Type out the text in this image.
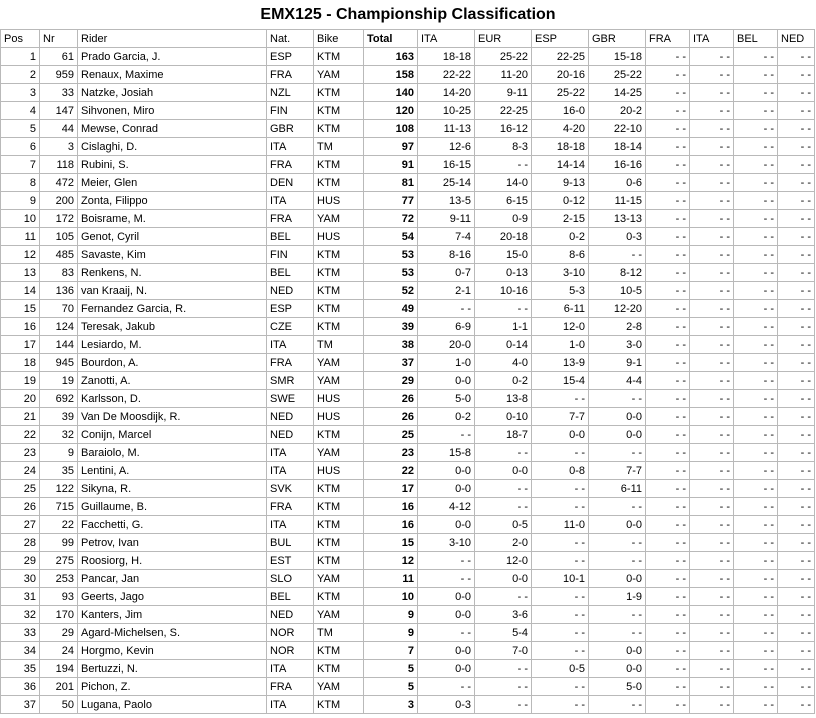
EMX125 - Championship Classification
Pos	Nr	Rider	Nat.	Bike	Total	ITA	EUR	ESP	GBR	FRA	ITA	BEL	NED
1	61	Prado Garcia, J.	ESP	KTM	163	18-18	25-22	22-25	15-18	- -	- -	- -	- -
2	959	Renaux, Maxime	FRA	YAM	158	22-22	11-20	20-16	25-22	- -	- -	- -	- -
3	33	Natzke, Josiah	NZL	KTM	140	14-20	9-11	25-22	14-25	- -	- -	- -	- -
4	147	Sihvonen, Miro	FIN	KTM	120	10-25	22-25	16-0	20-2	- -	- -	- -	- -
5	44	Mewse, Conrad	GBR	KTM	108	11-13	16-12	4-20	22-10	- -	- -	- -	- -
6	3	Cislaghi, D.	ITA	TM	97	12-6	8-3	18-18	18-14	- -	- -	- -	- -
7	118	Rubini, S.	FRA	KTM	91	16-15	- -	14-14	16-16	- -	- -	- -	- -
8	472	Meier, Glen	DEN	KTM	81	25-14	14-0	9-13	0-6	- -	- -	- -	- -
9	200	Zonta, Filippo	ITA	HUS	77	13-5	6-15	0-12	11-15	- -	- -	- -	- -
10	172	Boisrame, M.	FRA	YAM	72	9-11	0-9	2-15	13-13	- -	- -	- -	- -
11	105	Genot, Cyril	BEL	HUS	54	7-4	20-18	0-2	0-3	- -	- -	- -	- -
12	485	Savaste, Kim	FIN	KTM	53	8-16	15-0	8-6	- -	- -	- -	- -	- -
13	83	Renkens, N.	BEL	KTM	53	0-7	0-13	3-10	8-12	- -	- -	- -	- -
14	136	van Kraaij, N.	NED	KTM	52	2-1	10-16	5-3	10-5	- -	- -	- -	- -
15	70	Fernandez Garcia, R.	ESP	KTM	49	- -	- -	6-11	12-20	- -	- -	- -	- -
16	124	Teresak, Jakub	CZE	KTM	39	6-9	1-1	12-0	2-8	- -	- -	- -	- -
17	144	Lesiardo, M.	ITA	TM	38	20-0	0-14	1-0	3-0	- -	- -	- -	- -
18	945	Bourdon, A.	FRA	YAM	37	1-0	4-0	13-9	9-1	- -	- -	- -	- -
19	19	Zanotti, A.	SMR	YAM	29	0-0	0-2	15-4	4-4	- -	- -	- -	- -
20	692	Karlsson, D.	SWE	HUS	26	5-0	13-8	- -	- -	- -	- -	- -	- -
21	39	Van De Moosdijk, R.	NED	HUS	26	0-2	0-10	7-7	0-0	- -	- -	- -	- -
22	32	Conijn, Marcel	NED	KTM	25	- -	18-7	0-0	0-0	- -	- -	- -	- -
23	9	Baraiolo, M.	ITA	YAM	23	15-8	- -	- -	- -	- -	- -	- -	- -
24	35	Lentini, A.	ITA	HUS	22	0-0	0-0	0-8	7-7	- -	- -	- -	- -
25	122	Sikyna, R.	SVK	KTM	17	0-0	- -	- -	6-11	- -	- -	- -	- -
26	715	Guillaume, B.	FRA	KTM	16	4-12	- -	- -	- -	- -	- -	- -	- -
27	22	Facchetti, G.	ITA	KTM	16	0-0	0-5	11-0	0-0	- -	- -	- -	- -
28	99	Petrov, Ivan	BUL	KTM	15	3-10	2-0	- -	- -	- -	- -	- -	- -
29	275	Roosiorg, H.	EST	KTM	12	- -	12-0	- -	- -	- -	- -	- -	- -
30	253	Pancar, Jan	SLO	YAM	11	- -	0-0	10-1	0-0	- -	- -	- -	- -
31	93	Geerts, Jago	BEL	KTM	10	0-0	- -	- -	1-9	- -	- -	- -	- -
32	170	Kanters, Jim	NED	YAM	9	0-0	3-6	- -	- -	- -	- -	- -	- -
33	29	Agard-Michelsen, S.	NOR	TM	9	- -	5-4	- -	- -	- -	- -	- -	- -
34	24	Horgmo, Kevin	NOR	KTM	7	0-0	7-0	- -	0-0	- -	- -	- -	- -
35	194	Bertuzzi, N.	ITA	KTM	5	0-0	- -	0-5	0-0	- -	- -	- -	- -
36	201	Pichon, Z.	FRA	YAM	5	- -	- -	- -	5-0	- -	- -	- -	- -
37	50	Lugana, Paolo	ITA	KTM	3	0-3	- -	- -	- -	- -	- -	- -	- -
